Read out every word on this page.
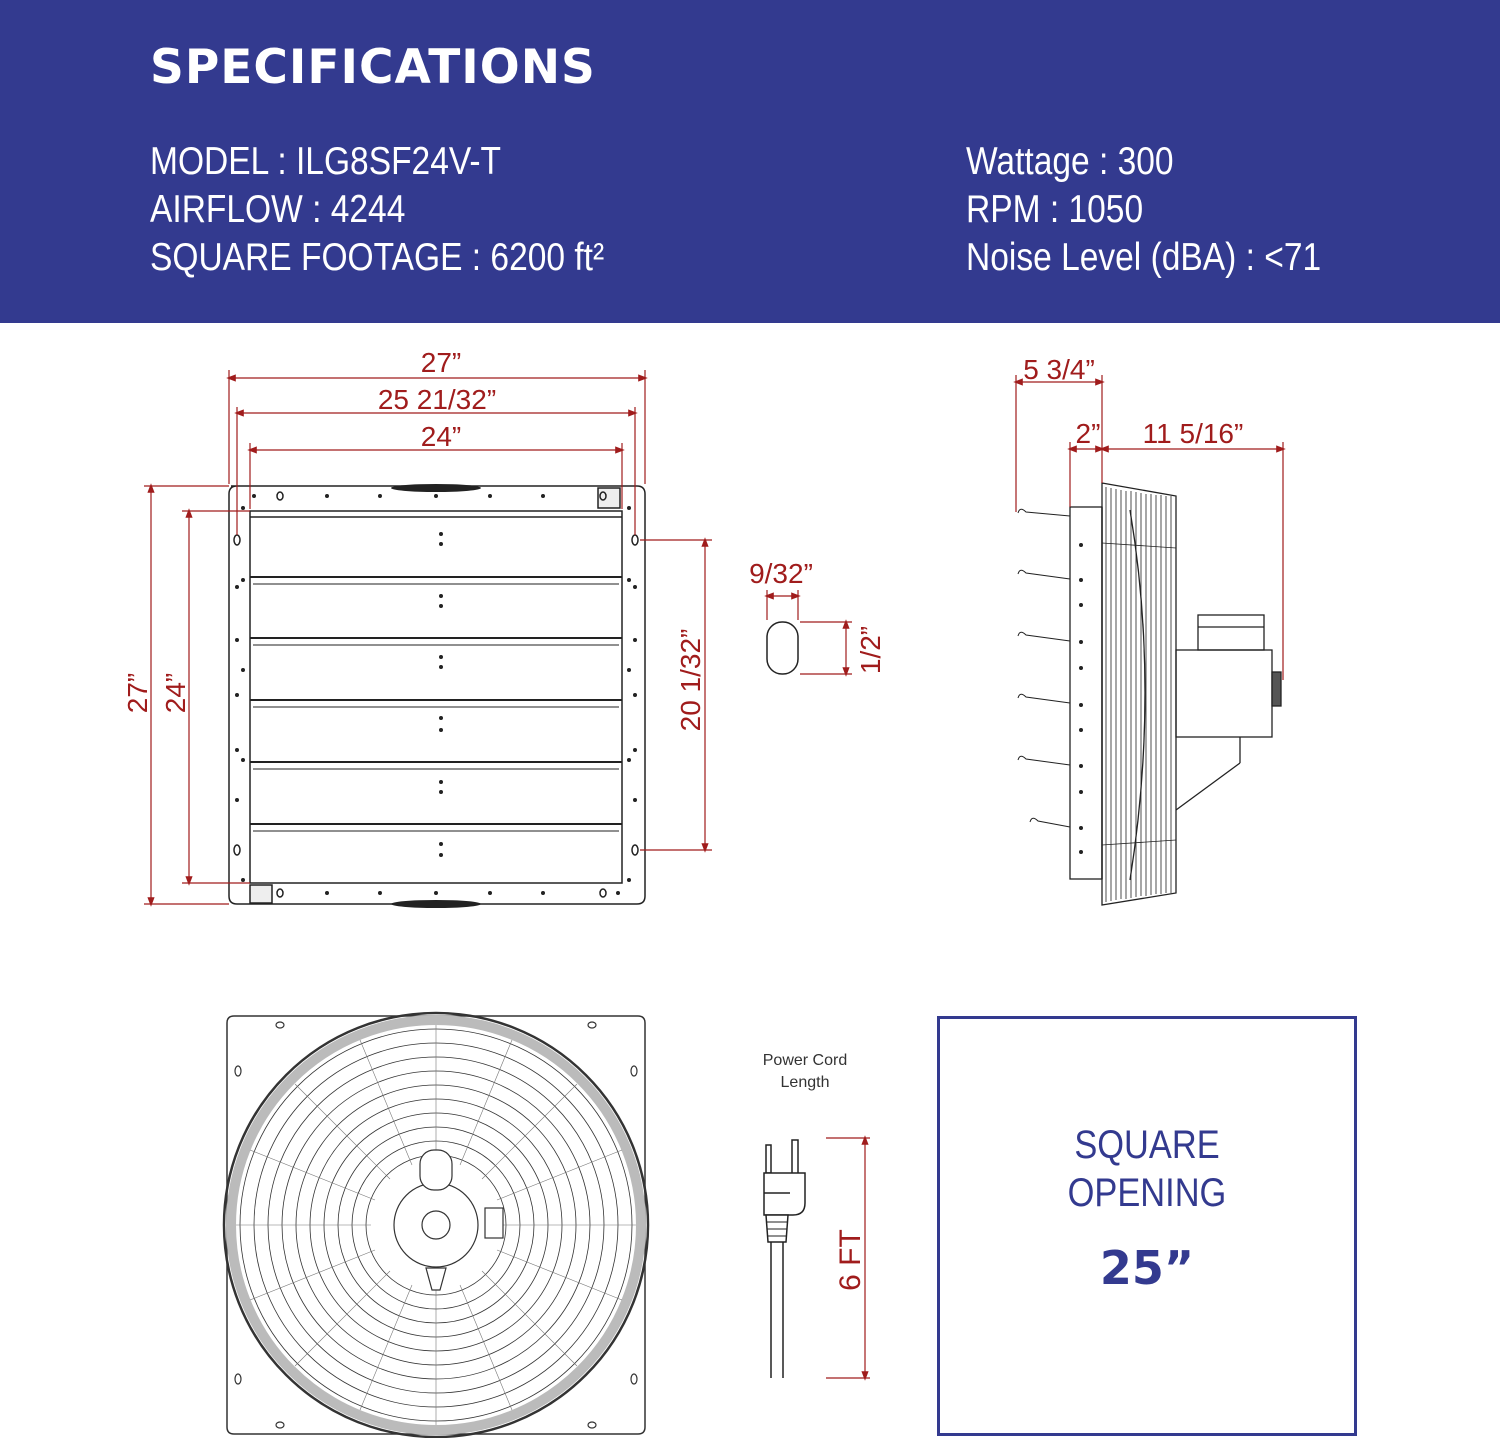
SPECIFICATIONS
MODEL : ILG8SF24V-T
AIRFLOW : 4244
SQUARE FOOTAGE : 6200 ft²
Wattage : 300
RPM : 1050
Noise Level (dBA) : <71
27”
25 21/32”
24”
27” 24”	20 1/32”
9/32”
1/2”
5 3/4”
2” 11 5/16”
6 FT
Power Cord
Length
SQUARE
OPENING
25”
